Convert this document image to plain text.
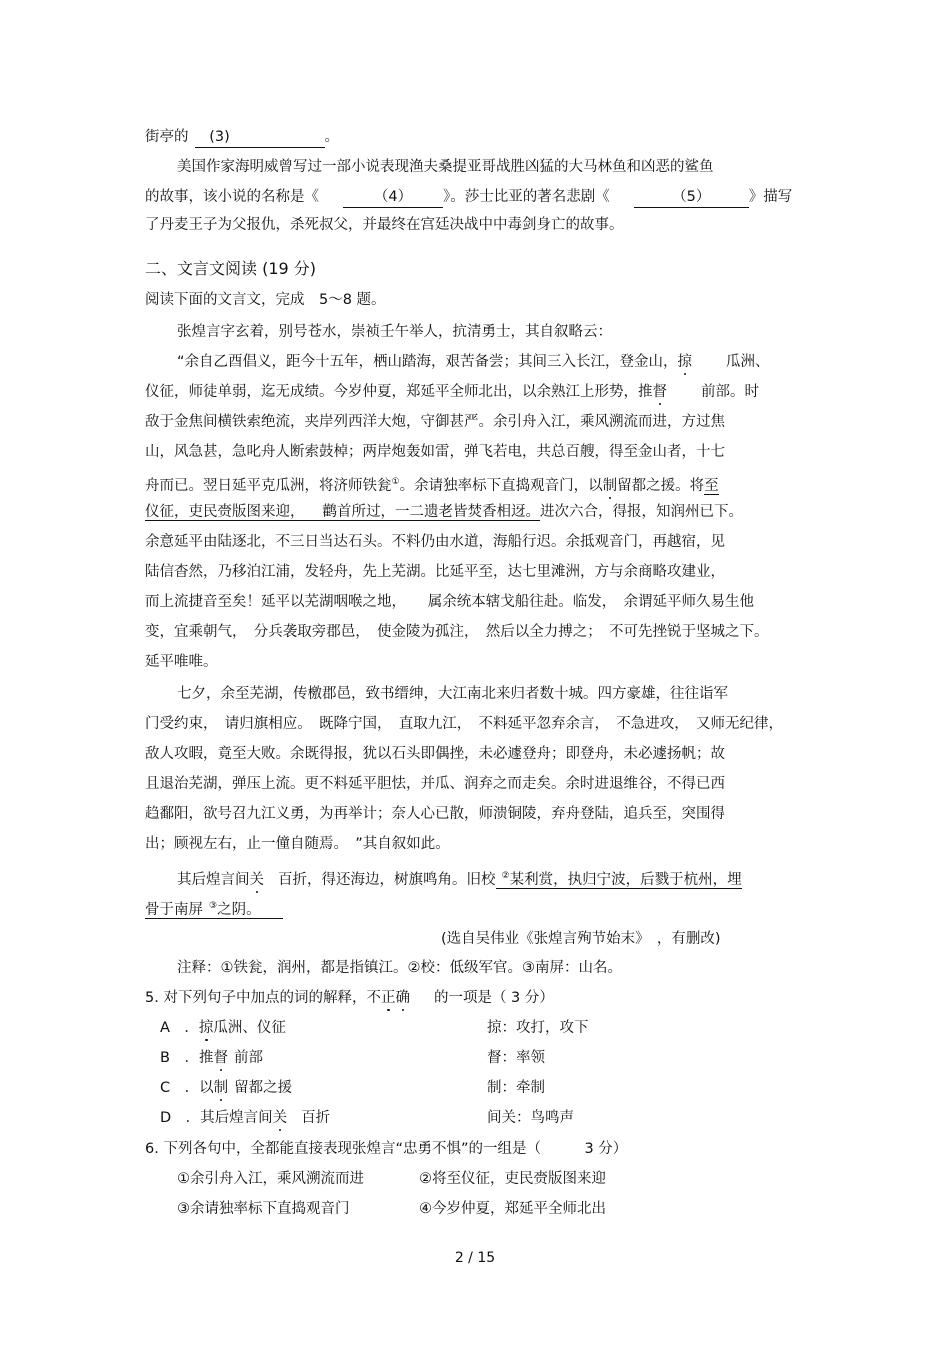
街亭的 (3)	。
美国作家海明威曾写过一部小说表现渔夫桑提亚哥战胜凶猛的大马林鱼和凶恶的鲨鱼
的故事，该小说的名称是《	（4） 》。莎士比亚的著名悲剧《	（5）	》描写
了丹麦王子为父报仇，杀死叔父，并最终在宫廷决战中中毒剑身亡的故事。
二、文言文阅读 (19 分)
阅读下面的文言文，完成　5～8 题。
张煌言字玄着，别号苍水，崇祯壬午举人，抗清勇士，其自叙略云：
“余自乙酉倡义，距今十五年，栖山踏海，艰苦备尝；其间三入长江，登金山，掠 瓜洲、
仪征，师徒单弱，迄无成绩。今岁仲夏，郑延平全师北出，以余熟江上形势，推督 前部。时
敌于金焦间横铁索绝流，夹岸列西洋大炮，守御甚严。余引舟入江，乘风溯流而进，方过焦
山，风急甚，急叱舟人断索鼓棹；两岸炮轰如雷，弹飞若电，共总百艘，得至金山者，十七
舟而已。翌日延平克瓜洲，将济师铁瓮①。余请独率标下直捣观音门，以制留都之援。将至
仪征，吏民赍版图来迎， 鹳首所过，一二遗老皆焚香相迓。进次六合，得报，知润州已下。
余意延平由陆逐北，不三日当达石头。不料仍由水道，海船行迟。余抵观音门，再越宿，见
陆信杳然，乃移泊江浦，发轻舟，先上芜湖。比延平至，达七里滩洲，方与余商略攻建业，
而上流捷音至矣！延平以芜湖咽喉之地，　　属余统本辖戈船往赴。临发，　余谓延平师久易生他
变，宜乘朝气，　分兵袭取旁郡邑，　使金陵为孤注，　然后以全力搏之；　不可先挫锐于坚城之下。
延平唯唯。
七夕，余至芜湖，传檄郡邑，致书缙绅，大江南北来归者数十城。四方豪雄，往往诣军
门受约束，　请归旗相应。　既降宁国，　直取九江，　不料延平忽弃余言，　不急进攻，　又师无纪律，
敌人攻暇，竟至大败。余既得报，犹以石头即偶挫，未必遽登舟；即登舟，未必遽扬帆；故
且退治芜湖，弹压上流。更不料延平胆怯，并瓜、润弃之而走矣。余时进退维谷，不得已西
趋鄱阳，欲号召九江义勇，为再举计；奈人心已散，师溃铜陵，弃舟登陆，追兵至，突围得
出；顾视左右，止一僮自随焉。　”其自叙如此。
其后煌言间关 百折，得还海边，树旗鸣角。旧校 ②某利赏，执归宁波，后戮于杭州，埋
骨于南屏 ③之阴。
(选自吴伟业《张煌言殉节始末》　，有删改)
注释：①铁瓮，润州，都是指镇江。②校：低级军官。③南屏：山名。
5. 对下列句子中加点的词的解释，不正确 的一项是（ 3 分）
A　．掠瓜洲、仪征	掠：攻打，攻下
B　．推督 前部	督：率领
C　．以制 留都之援	制：牵制
D　．其后煌言间关 百折	间关：鸟鸣声
6. 下列各句中，全都能直接表现张煌言“忠勇不惧”的一组是（　　　3 分）
①余引舟入江，乘风溯流而进	②将至仪征，吏民赍版图来迎
③余请独率标下直捣观音门	④今岁仲夏，郑延平全师北出
2 / 15
